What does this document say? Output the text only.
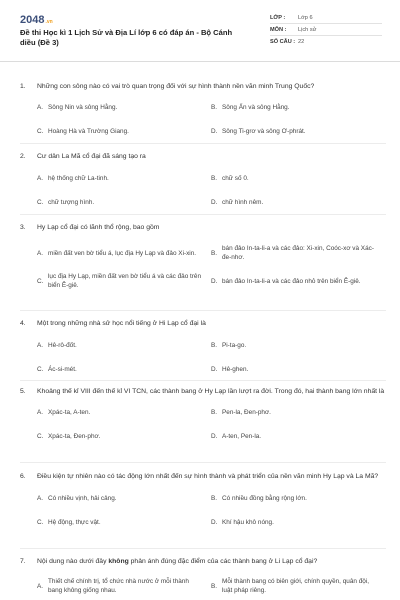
2048 .vn
Đề thi Học kì 1 Lịch Sử và Địa Lí lớp 6 có đáp án - Bộ Cánh diều (Đề 3)
LỚP :	Lớp 6
MÔN :	Lịch sử
SỐ CÂU : 22
1.	Những con sông nào có vai trò quan trọng đối với sự hình thành nền văn minh Trung Quốc?
A. Sông Nin và sông Hằng.	B. Sông Ấn và sông Hằng.
C. Hoàng Hà và Trường Giang.	D. Sông Ti-grơ và sông Ơ-phrát.
2.	Cư dân La Mã cổ đại đã sáng tạo ra
A. hệ thống chữ La-tinh.	B. chữ số 0.
C. chữ tượng hình.	D. chữ hình nêm.
3.	Hy Lạp cổ đại có lãnh thổ rộng, bao gồm
A. miền đất ven bờ tiểu á, lục địa Hy Lạp và đảo Xi-xin.	B.
bán đảo In-ta-li-a và các đảo: Xi-xin, Coóc-xơ và Xác-đe-nhơ.
C.
lục địa Hy Lạp, miền đất ven bờ tiểu á và các đảo trên biển Ê-giê.
D. bán đảo In-ta-li-a và các đảo nhỏ trên biển Ê-giê.
4.	Một trong những nhà sử học nổi tiếng ở Hi Lạp cổ đại là
A. Hê-rô-đốt.	B. Pi-ta-go.
C. Ác-si-mét.	D. Hê-ghen.
5.	Khoảng thế kỉ VIII đến thế kỉ VI TCN, các thành bang ở Hy Lạp lần lượt ra đời. Trong đó, hai thành bang lớn nhất là
A. Xpác-ta, A-ten.	B. Pen-la, Đen-phơ.
C. Xpác-ta, Đen-phơ.	D. A-ten, Pen-la.
6.	Điều kiện tự nhiên nào có tác động lớn nhất đến sự hình thành và phát triển của nền văn minh Hy Lạp và La Mã?
A. Có nhiều vịnh, hải cảng.	B. Có nhiều đồng bằng rộng lớn.
C. Hệ động, thực vật.	D. Khí hậu khô nóng.
7.	Nội dung nào dưới đây không phản ánh đúng đặc điểm của các thành bang ở Li Lạp cổ đại?
A.
Thiết chế chính trị, tổ chức nhà nước ở mỗi thành bang không giống nhau.
B.
Mỗi thành bang có biên giới, chính quyền, quân đội, luật pháp riêng.
